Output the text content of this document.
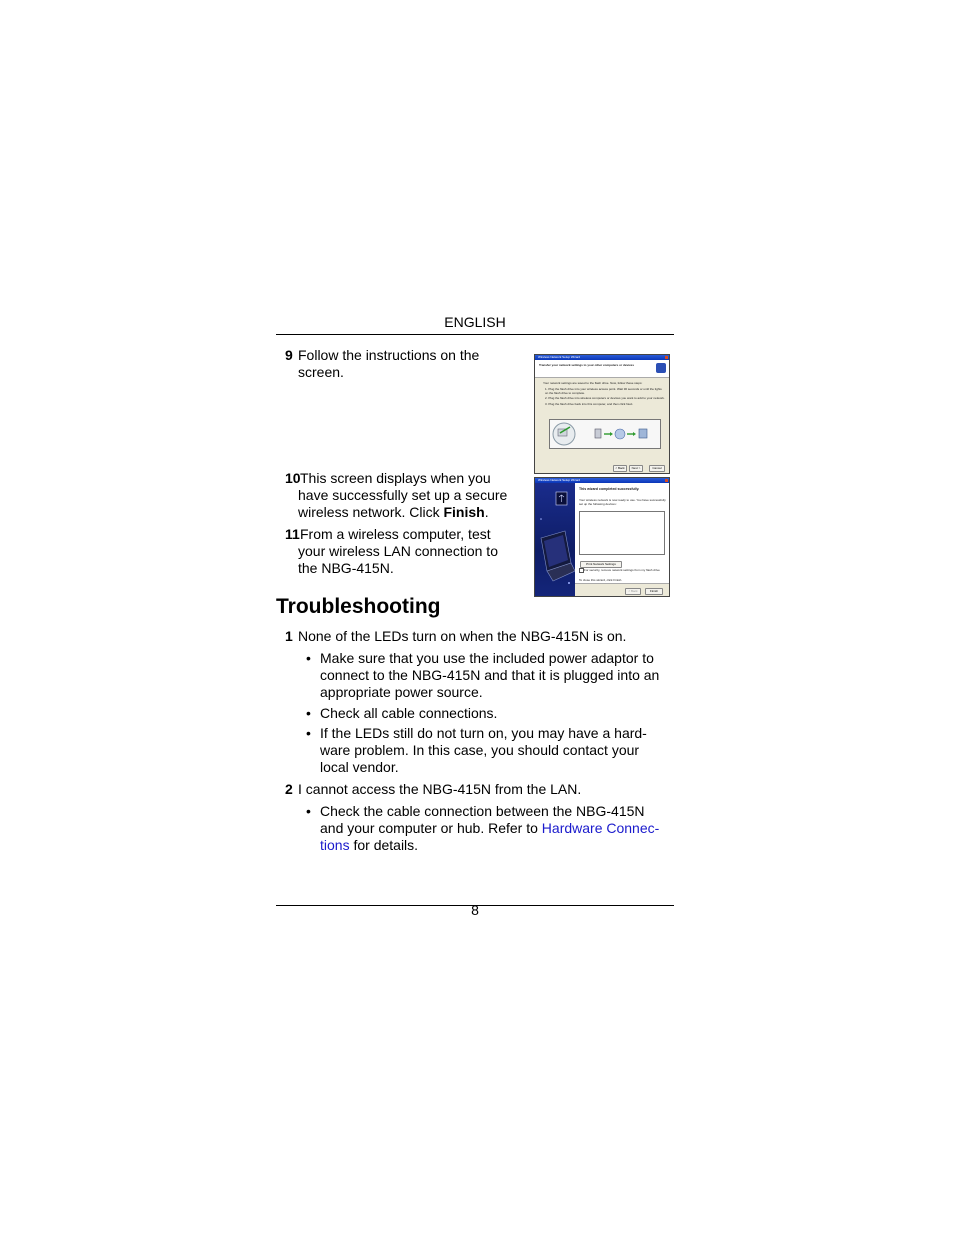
ENGLISH
9 Follow the instructions on the
screen.
10 This screen displays when you
have successfully set up a secure
wireless network. Click Finish.
11 From a wireless computer, test
your wireless LAN connection to
the NBG-415N.
Wireless Network Setup Wizard
Transfer your network settings to your other computers or devices
Your network settings are saved to the flash drive. Now, follow these steps:
1. Plug the flash drive into your wireless access point. Wait 30 seconds or until the lights
on the flash drive to complete.
2. Plug the flash drive into wireless computers or devices you want to add to your network.
3. Plug the flash drive back into this computer, and then click Next.
< Back	Next >	Cancel
Wireless Network Setup Wizard
This wizard completed successfully.
Your wireless network is now ready to use. You have successfully
set up the following devices:
Print Network Settings
For security, remove network settings from my flash drive
To close this wizard, click Finish.
< Back	Finish
Troubleshooting
1 None of the LEDs turn on when the NBG-415N is on.
• Make sure that you use the included power adaptor to
connect to the NBG-415N and that it is plugged into an
appropriate power source.
• Check all cable connections.
• If the LEDs still do not turn on, you may have a hard-
ware problem. In this case, you should contact your
local vendor.
2 I cannot access the NBG-415N from the LAN.
• Check the cable connection between the NBG-415N
and your computer or hub. Refer to Hardware Connec-
tions for details.
8
